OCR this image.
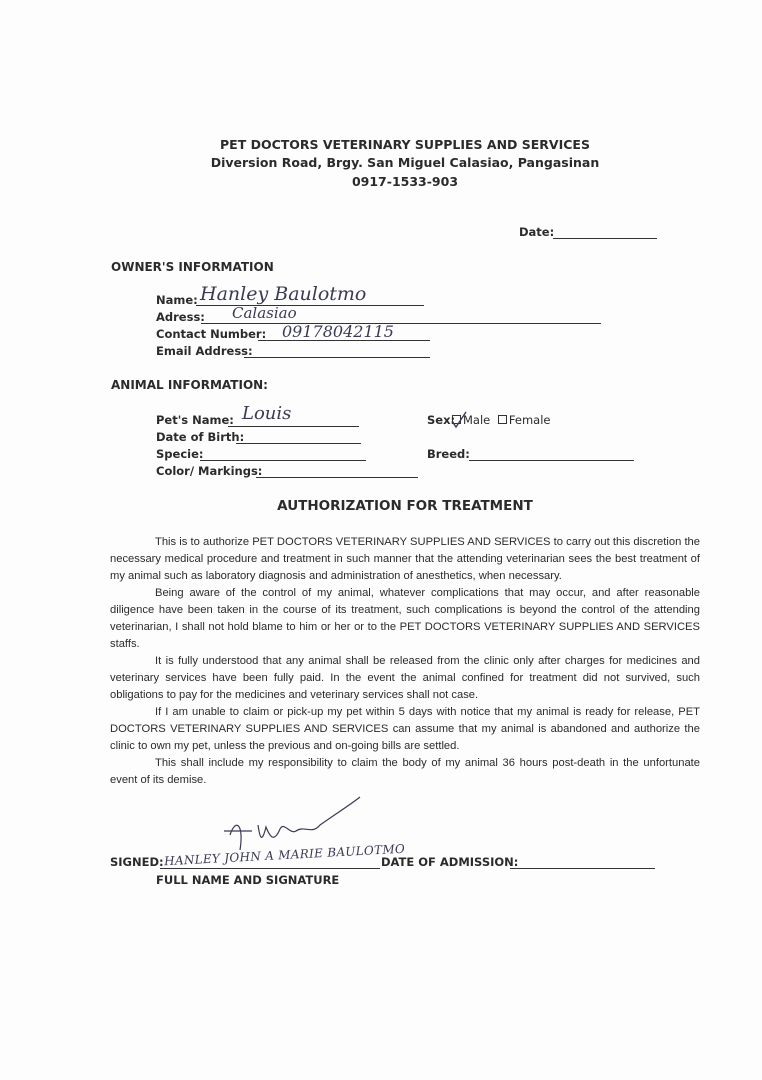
PET DOCTORS VETERINARY SUPPLIES AND SERVICES
Diversion Road, Brgy. San Miguel Calasiao, Pangasinan
0917-1533-903
Date:
OWNER'S INFORMATION
Name: Hanley Baulotmo
Adress: Calasiao
Contact Number: 09178042115
Email Address:
ANIMAL INFORMATION:
Pet's Name: Louis
Date of Birth:
Specie:
Color/ Markings:
Sex: Male Female
Breed:
AUTHORIZATION FOR TREATMENT

This is to authorize PET DOCTORS VETERINARY SUPPLIES AND SERVICES to carry out this discretion the necessary medical procedure and treatment in such manner that the attending veterinarian sees the best treatment of my animal such as laboratory diagnosis and administration of anesthetics, when necessary.

Being aware of the control of my animal, whatever complications that may occur, and after reasonable diligence have been taken in the course of its treatment, such complications is beyond the control of the attending veterinarian, I shall not hold blame to him or her or to the PET DOCTORS VETERINARY SUPPLIES AND SERVICES staffs.

It is fully understood that any animal shall be released from the clinic only after charges for medicines and veterinary services have been fully paid. In the event the animal confined for treatment did not survived, such obligations to pay for the medicines and veterinary services shall not case.

If I am unable to claim or pick-up my pet within 5 days with notice that my animal is ready for release, PET DOCTORS VETERINARY SUPPLIES AND SERVICES can assume that my animal is abandoned and authorize the clinic to own my pet, unless the previous and on-going bills are settled.

This shall include my responsibility to claim the body of my animal 36 hours post-death in the unfortunate event of its demise.

SIGNED: HANLEY JOHN A MARIE BAULOTMO
FULL NAME AND SIGNATURE
DATE OF ADMISSION:
